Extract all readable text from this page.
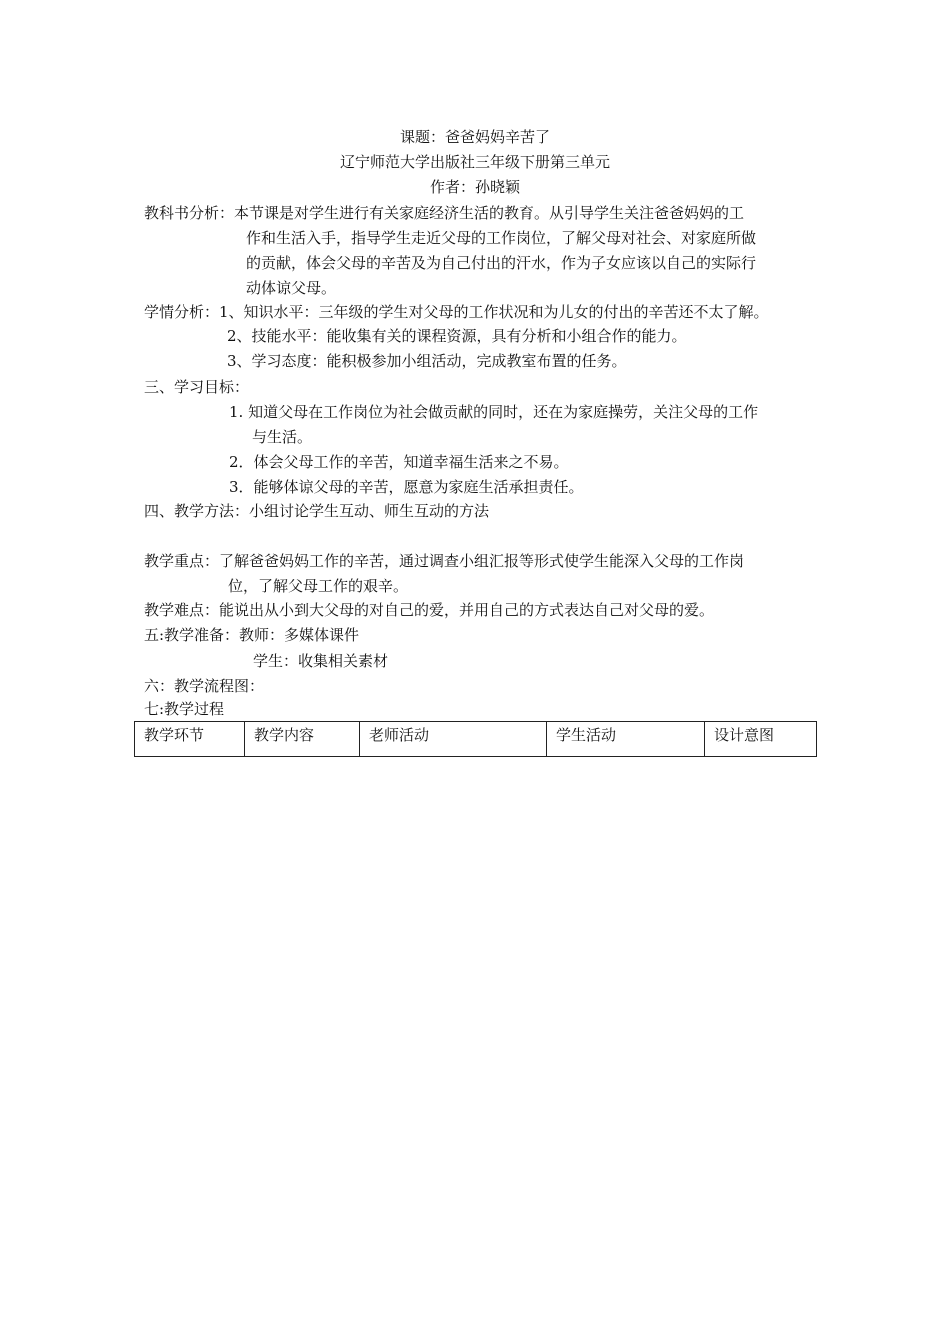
课题：爸爸妈妈辛苦了
辽宁师范大学出版社三年级下册第三单元
作者：孙晓颖
教科书分析：本节课是对学生进行有关家庭经济生活的教育。从引导学生关注爸爸妈妈的工
作和生活入手，指导学生走近父母的工作岗位，了解父母对社会、对家庭所做
的贡献，体会父母的辛苦及为自己付出的汗水，作为子女应该以自己的实际行
动体谅父母。
学情分析：1、知识水平：三年级的学生对父母的工作状况和为儿女的付出的辛苦还不太了解。
2、技能水平：能收集有关的课程资源，具有分析和小组合作的能力。
3、学习态度：能积极参加小组活动，完成教室布置的任务。
三、学习目标：
1. 知道父母在工作岗位为社会做贡献的同时，还在为家庭操劳，关注父母的工作
与生活。
2．体会父母工作的辛苦，知道幸福生活来之不易。
3．能够体谅父母的辛苦，愿意为家庭生活承担责任。
四、教学方法：小组讨论学生互动、师生互动的方法
教学重点：了解爸爸妈妈工作的辛苦，通过调查小组汇报等形式使学生能深入父母的工作岗
位，了解父母工作的艰辛。
教学难点：能说出从小到大父母的对自己的爱，并用自己的方式表达自己对父母的爱。
五:教学准备：教师：多媒体课件
学生：收集相关素材
六：教学流程图：
七:教学过程
教学环节	教学内容	老师活动	学生活动	设计意图
